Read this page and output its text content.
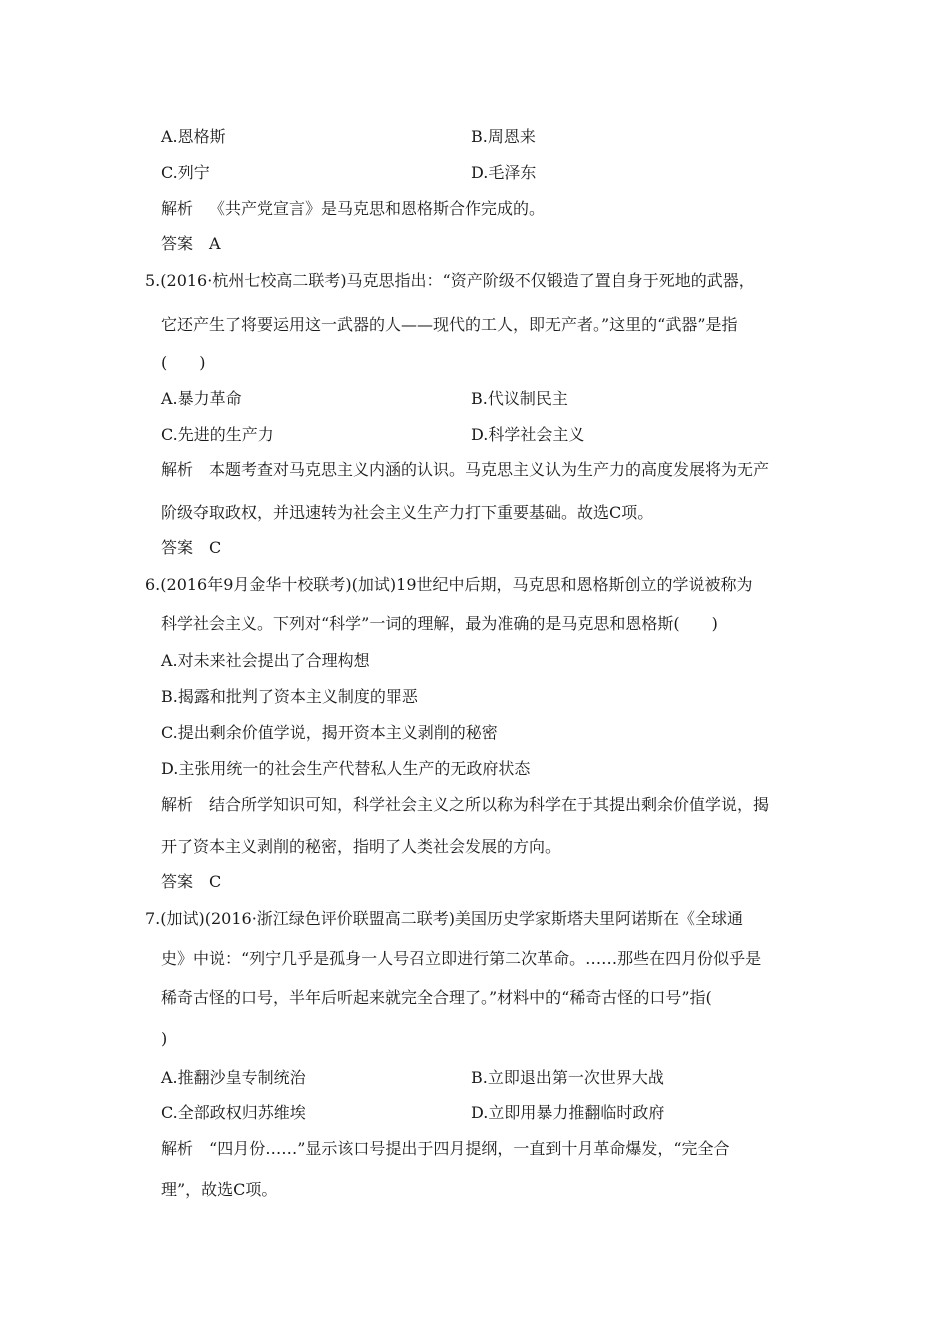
A.恩格斯	B.周恩来
C.列宁	D.毛泽东
解析 《共产党宣言》是马克思和恩格斯合作完成的。
答案 A
5.(2016·杭州七校高二联考)马克思指出：“资产阶级不仅锻造了置自身于死地的武器，
它还产生了将要运用这一武器的人——现代的工人，即无产者。”这里的“武器”是指
(　　)
A.暴力革命	B.代议制民主
C.先进的生产力	D.科学社会主义
解析 本题考查对马克思主义内涵的认识。马克思主义认为生产力的高度发展将为无产
阶级夺取政权，并迅速转为社会主义生产力打下重要基础。故选C项。
答案 C
6.(2016年9月金华十校联考)(加试)19世纪中后期，马克思和恩格斯创立的学说被称为
科学社会主义。下列对“科学”一词的理解，最为准确的是马克思和恩格斯(　　)
A.对未来社会提出了合理构想
B.揭露和批判了资本主义制度的罪恶
C.提出剩余价值学说，揭开资本主义剥削的秘密
D.主张用统一的社会生产代替私人生产的无政府状态
解析 结合所学知识可知，科学社会主义之所以称为科学在于其提出剩余价值学说，揭
开了资本主义剥削的秘密，指明了人类社会发展的方向。
答案 C
7.(加试)(2016·浙江绿色评价联盟高二联考)美国历史学家斯塔夫里阿诺斯在《全球通
史》中说：“列宁几乎是孤身一人号召立即进行第二次革命。……那些在四月份似乎是
稀奇古怪的口号，半年后听起来就完全合理了。”材料中的“稀奇古怪的口号”指(
)
A.推翻沙皇专制统治	B.立即退出第一次世界大战
C.全部政权归苏维埃	D.立即用暴力推翻临时政府
解析 “四月份……”显示该口号提出于四月提纲，一直到十月革命爆发，“完全合
理”，故选C项。
